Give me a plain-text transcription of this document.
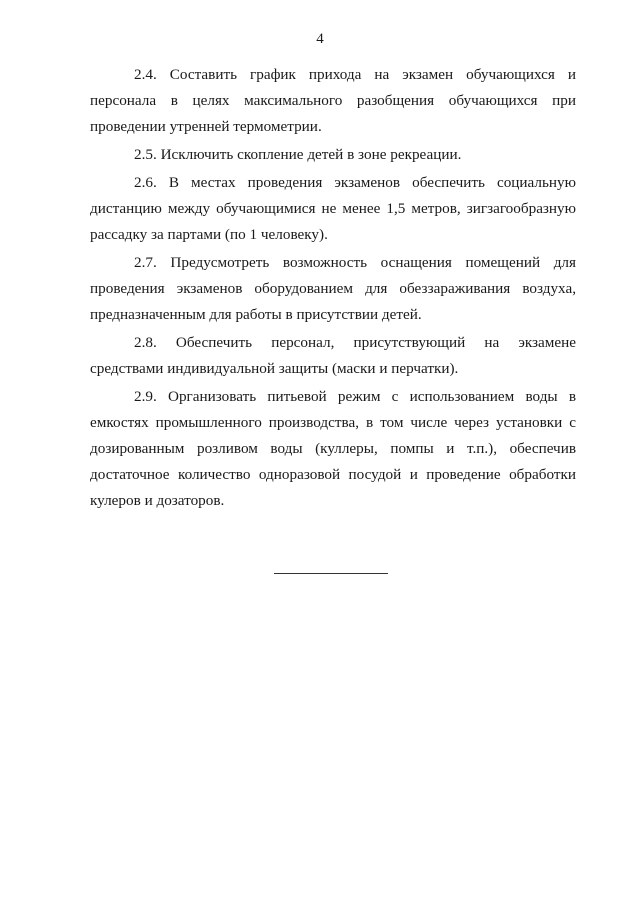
4

2.4. Составить график прихода на экзамен обучающихся и персонала в целях максимального разобщения обучающихся при проведении утренней термометрии.

2.5. Исключить скопление детей в зоне рекреации.

2.6. В местах проведения экзаменов обеспечить социальную дистанцию между обучающимися не менее 1,5 метров, зигзагообразную рассадку за партами (по 1 человеку).

2.7. Предусмотреть возможность оснащения помещений для проведения экзаменов оборудованием для обеззараживания воздуха, предназначенным для работы в присутствии детей.

2.8. Обеспечить персонал, присутствующий на экзамене средствами индивидуальной защиты (маски и перчатки).

2.9. Организовать питьевой режим с использованием воды в емкостях промышленного производства, в том числе через установки с дозированным розливом воды (куллеры, помпы и т.п.), обеспечив достаточное количество одноразовой посудой и проведение обработки кулеров и дозаторов.
